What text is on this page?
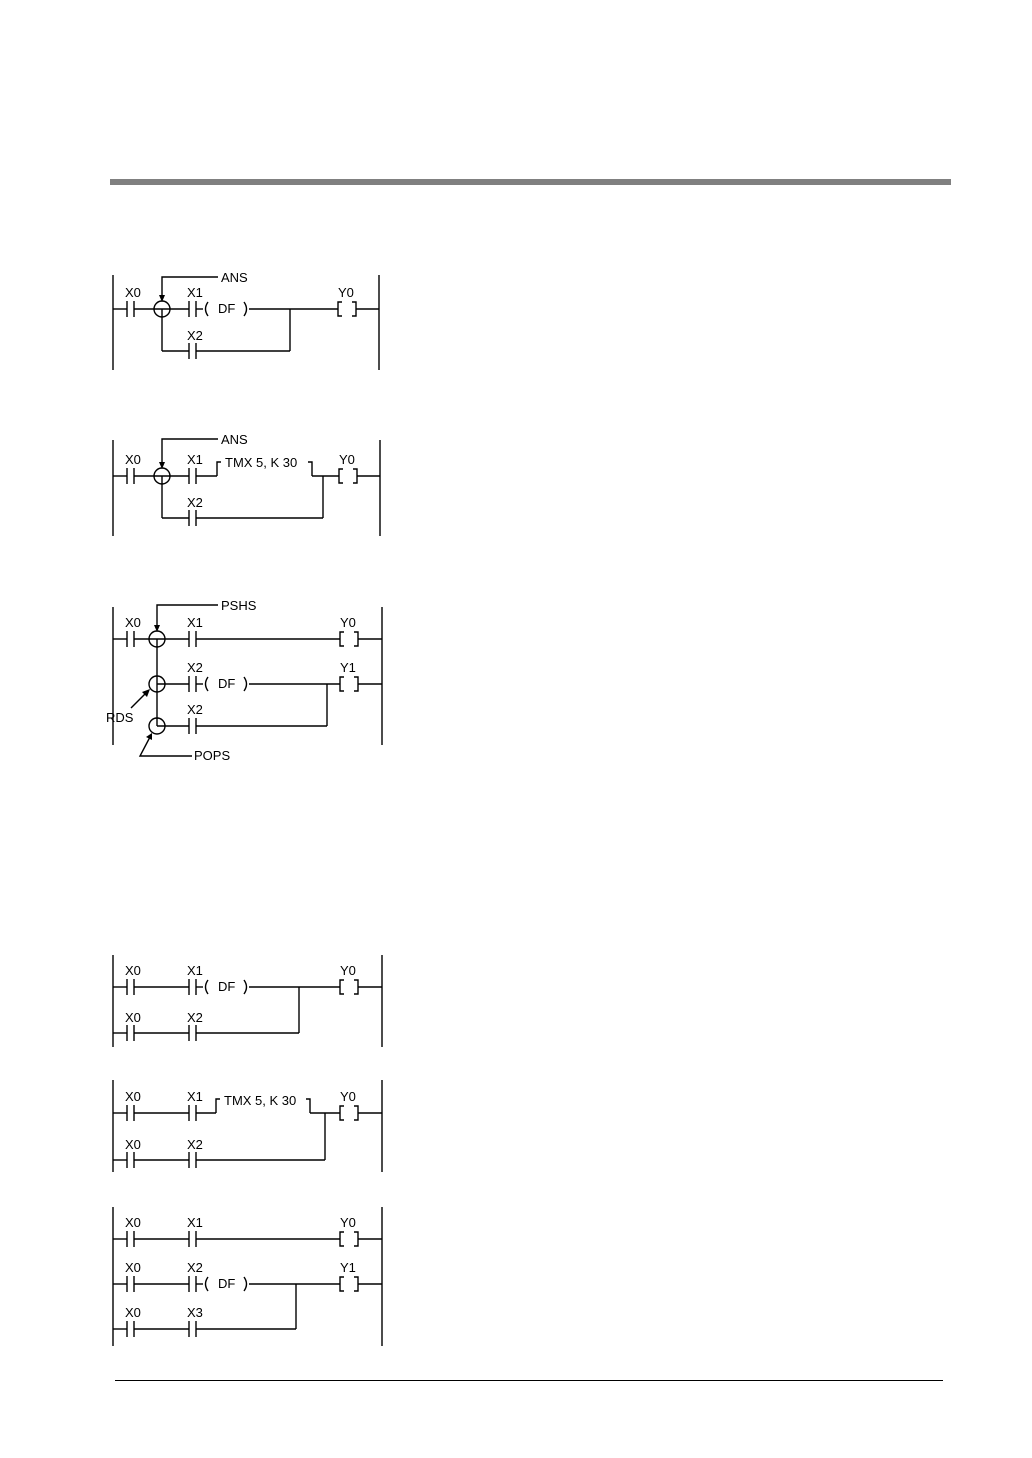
X0	X1
X2
DF
Y0
ANS
X0	X1
X2
TMX 5, K 30	Y0
ANS
X0	X1
X2
X2
DF
Y0
Y1
PSHS
RDS
POPS
X0	X1
DF
Y0
X0	X2
X0	X1 TMX 5, K 30	Y0
X0	X2
X0	X1	Y0
X0	X2
DF
Y1
X0	X3
